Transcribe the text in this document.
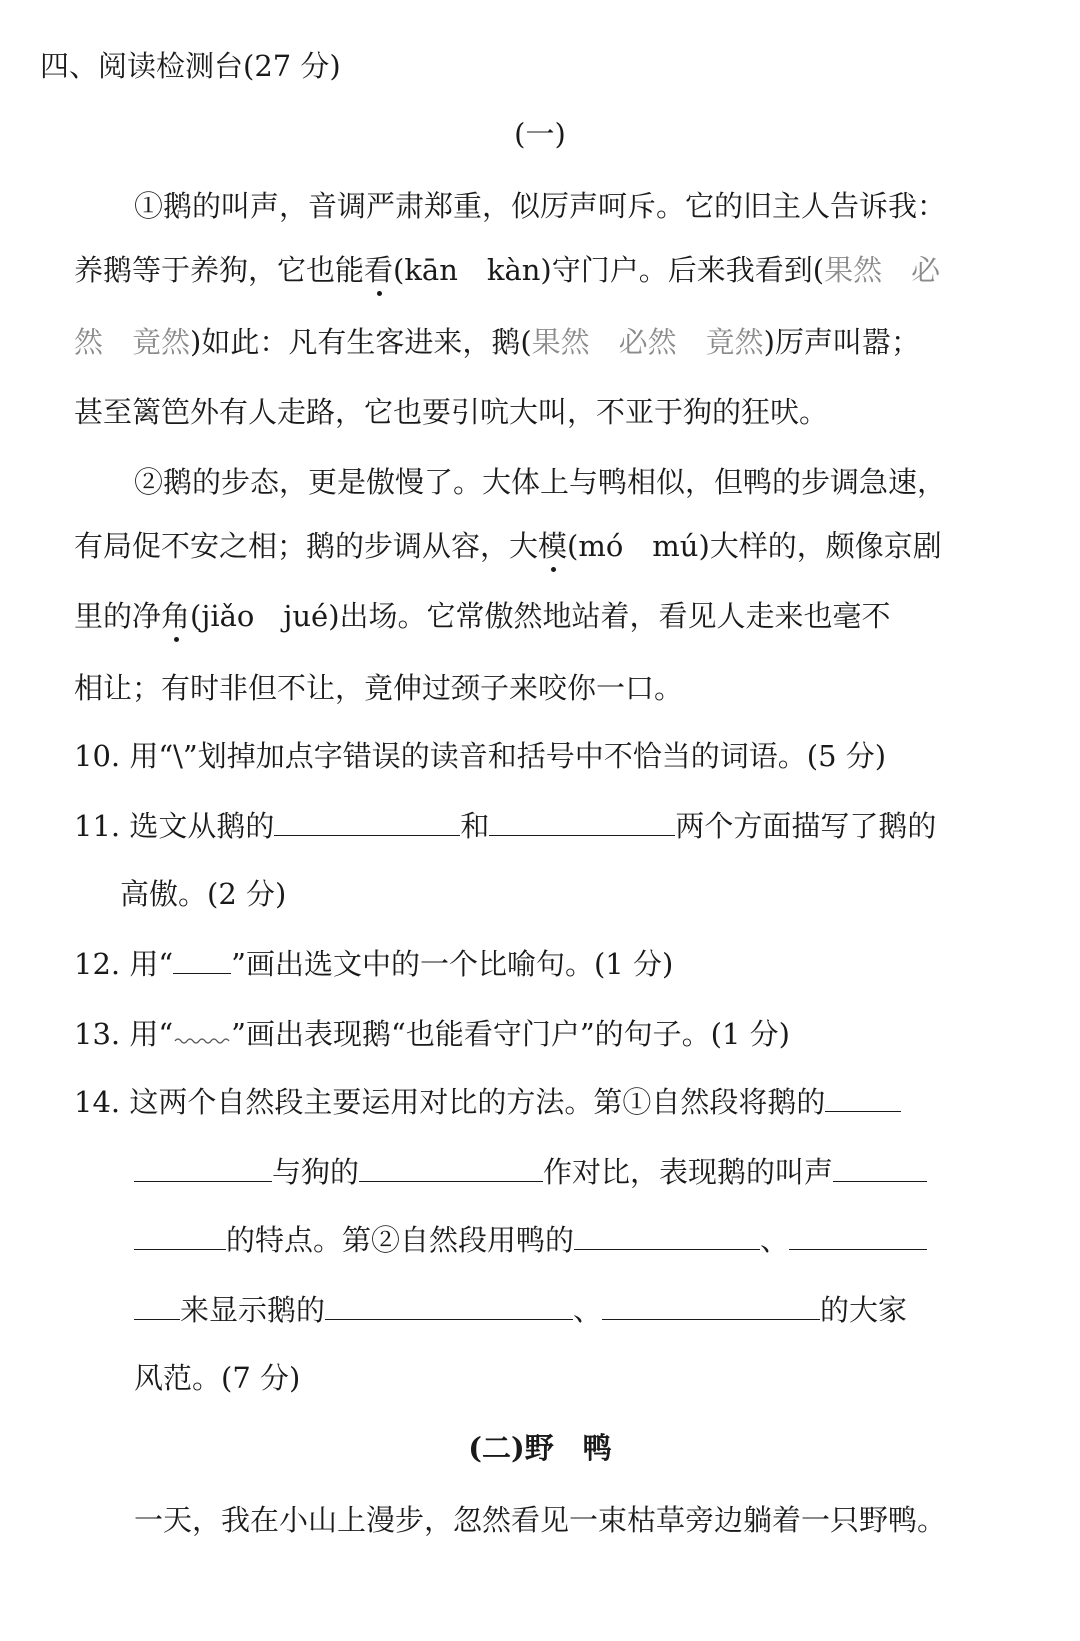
四、阅读检测台(27 分)
(一)
①鹅的叫声，音调严肃郑重，似厉声呵斥。它的旧主人告诉我：
养鹅等于养狗，它也能看(kān　kàn)守门户。后来我看到(果然　必
然　竟然)如此：凡有生客进来，鹅(果然　必然　竟然)厉声叫嚣；
甚至篱笆外有人走路，它也要引吭大叫，不亚于狗的狂吠。
②鹅的步态，更是傲慢了。大体上与鸭相似，但鸭的步调急速，
有局促不安之相；鹅的步调从容，大模(mó　mú)大样的，颇像京剧
里的净角(jiǎo　jué)出场。它常傲然地站着，看见人走来也毫不
相让；有时非但不让，竟伸过颈子来咬你一口。
10. 用“\”划掉加点字错误的读音和括号中不恰当的词语。(5 分)
11. 选文从鹅的	和	两个方面描写了鹅的
高傲。(2 分)
12. 用“ ”画出选文中的一个比喻句。(1 分)
13. 用“ ”画出表现鹅“也能看守门户”的句子。(1 分)
14. 这两个自然段主要运用对比的方法。第①自然段将鹅的
与狗的	作对比，表现鹅的叫声
的特点。第②自然段用鸭的	、
来显示鹅的	、	的大家
风范。(7 分)
(二)野　鸭
一天，我在小山上漫步，忽然看见一束枯草旁边躺着一只野鸭。
